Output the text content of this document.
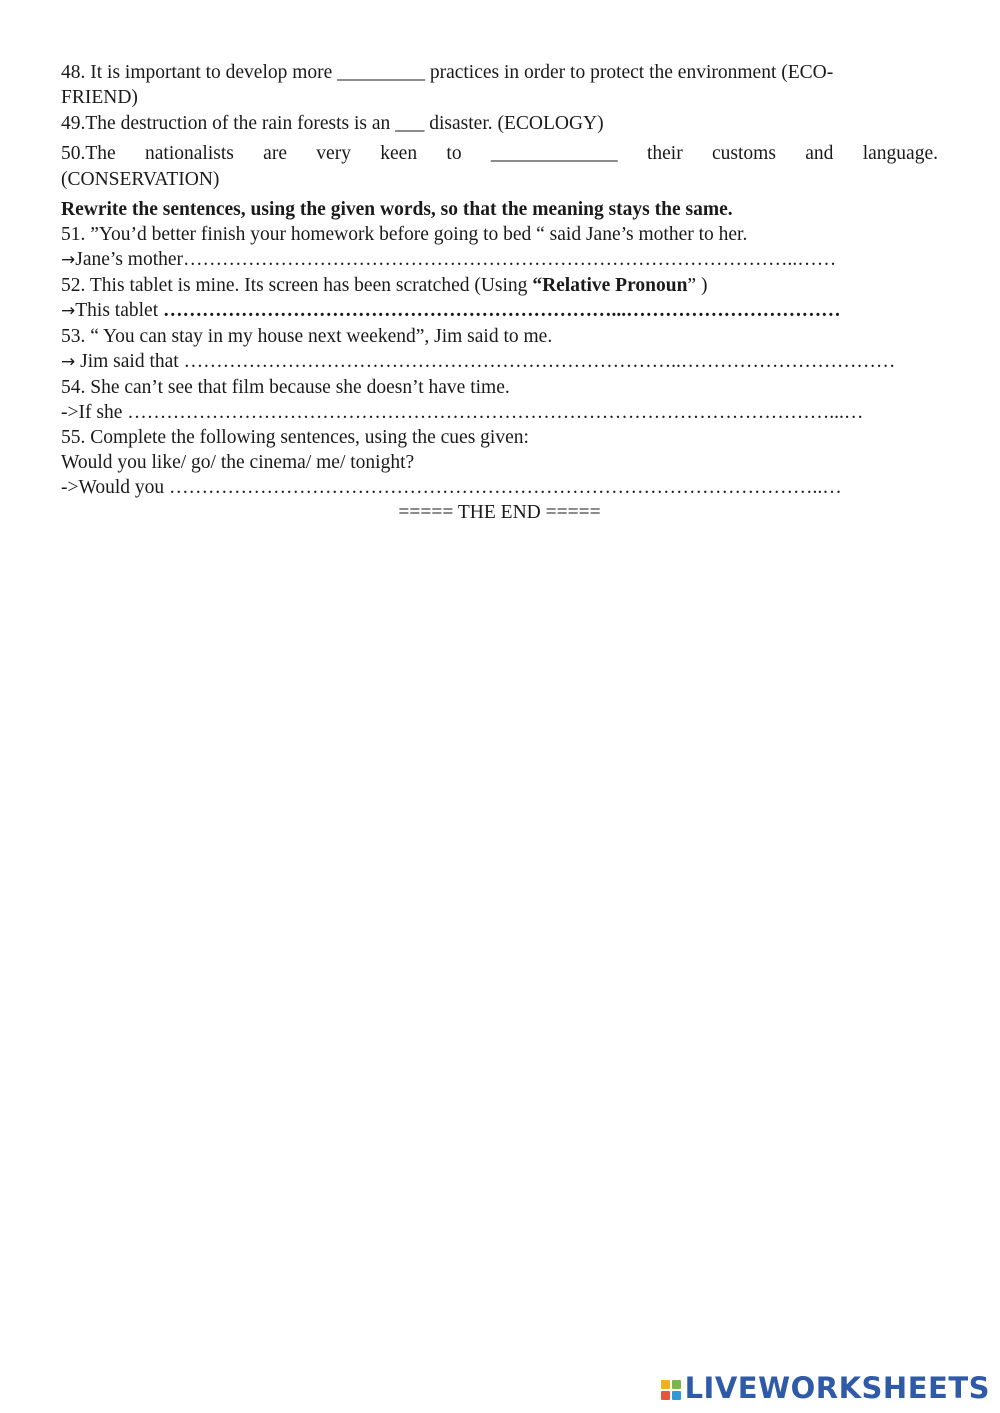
48. It is important to develop more _________ practices in order to protect the environment (ECO-
FRIEND)
49.The destruction of the rain forests is an ___ disaster. (ECOLOGY)
50.The nationalists are very keen to _____________ their customs and language.
(CONSERVATION)
Rewrite the sentences, using the given words, so that the meaning stays the same.
51. ”You’d better finish your homework before going to bed “ said Jane’s mother to her.
→Jane’s mother…………………………………………………………………………………..……
52. This tablet is mine. Its screen has been scratched (Using “Relative Pronoun” )
→This tablet ……………………………………………………………...……………………………
53. “ You can stay in my house next weekend”, Jim said to me.
→ Jim said that …………………………………………………………………..……………………………
54. She can’t see that film because she doesn’t have time.
->If she ………………………………………………………………………………………………...…
55. Complete the following sentences, using the cues given:
Would you like/ go/ the cinema/ me/ tonight?
->Would you ………………………………………………………………………………………..…
===== THE END =====
LIVEWORKSHEETS
